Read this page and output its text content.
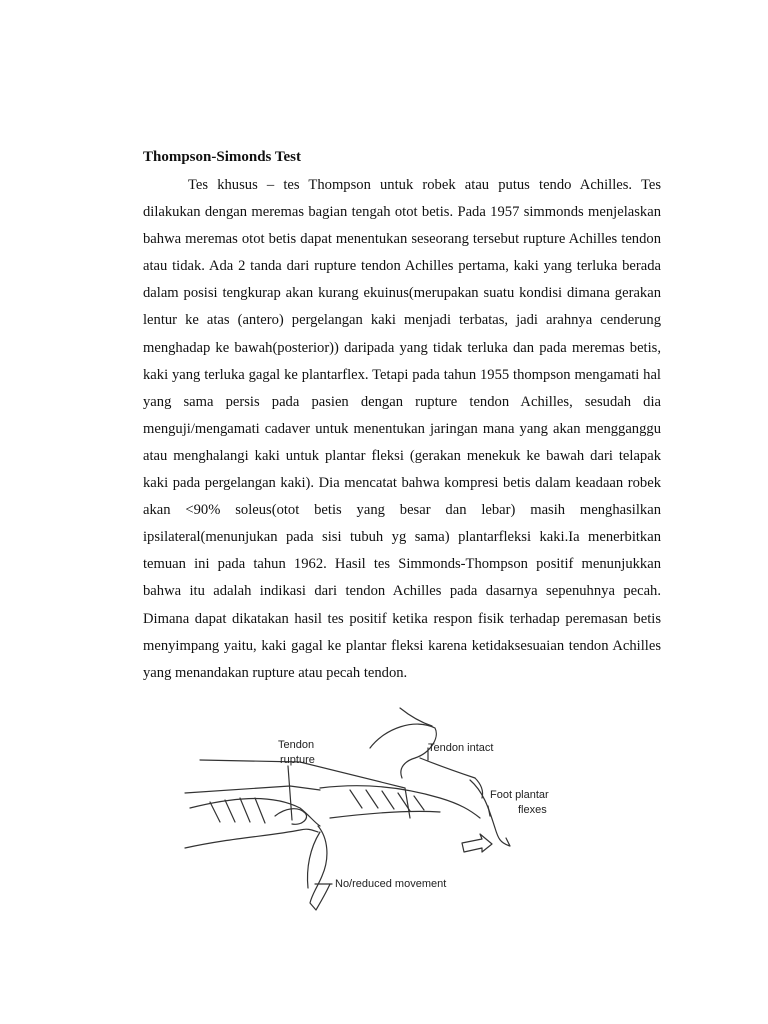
Thompson-Simonds Test

Tes khusus – tes Thompson untuk robek atau putus tendo Achilles. Tes dilakukan dengan meremas bagian tengah otot betis. Pada 1957 simmonds menjelaskan bahwa meremas otot betis dapat menentukan seseorang tersebut rupture Achilles tendon atau tidak. Ada 2 tanda dari rupture tendon Achilles pertama, kaki yang terluka berada dalam posisi tengkurap akan kurang ekuinus(merupakan suatu kondisi dimana gerakan lentur ke atas (antero) pergelangan kaki menjadi terbatas, jadi arahnya cenderung menghadap ke bawah(posterior)) daripada yang tidak terluka dan pada meremas betis, kaki yang terluka gagal ke plantarflex. Tetapi pada tahun 1955 thompson mengamati hal yang sama persis pada pasien dengan rupture tendon Achilles, sesudah dia menguji/mengamati cadaver untuk menentukan jaringan mana yang akan mengganggu atau menghalangi kaki untuk plantar fleksi (gerakan menekuk ke bawah dari telapak kaki pada pergelangan kaki). Dia mencatat bahwa kompresi betis dalam keadaan robek akan <90% soleus(otot betis yang besar dan lebar) masih menghasilkan ipsilateral(menunjukan pada sisi tubuh yg sama) plantarfleksi kaki.Ia menerbitkan temuan ini pada tahun 1962. Hasil tes Simmonds-Thompson positif menunjukkan bahwa itu adalah indikasi dari tendon Achilles pada dasarnya sepenuhnya pecah. Dimana dapat dikatakan hasil tes positif ketika respon fisik terhadap peremasan betis menyimpang yaitu, kaki gagal ke plantar fleksi karena ketidaksesuaian tendon Achilles yang menandakan rupture atau pecah tendon.

Tendon
rupture
Tendon intact
Foot plantar
flexes
No/reduced movement
